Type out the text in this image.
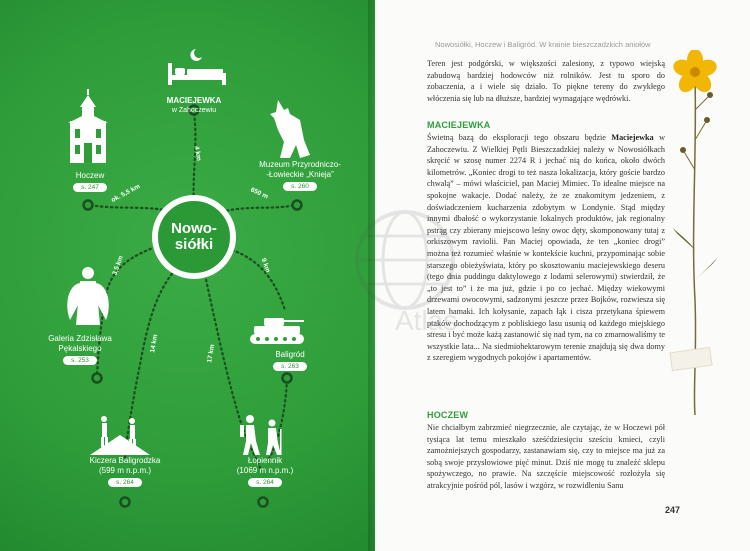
Nowo-
siółki
MACIEJEWKA
w Zahoczewiu
Hoczew
s. 247
Muzeum Przyrodniczo-
-Łowieckie „Knieja”
s. 260
Galeria Zdzisława
Pękalskiego
s. 253
Baligród
s. 263
Kiczera Baligrodzka
(599 m n.p.m.)
s. 264
Łopiennik
(1069 m n.p.m.)
s. 264
4 km
ok. 5,5 km	650 m
3,5 km	9 km
14 km
17 km
Atlas
Nowosiółki, Hoczew i Baligród. W krainie bieszczadzkich aniołów
Teren jest podgórski, w większości zalesiony, z typowo wiejską zabudową bardziej hodowców niż rolników. Jest tu sporo do zobaczenia, a i wiele się działo. To piękne tereny do zwykłego włóczenia się lub na dłuższe, bardziej wymagające wędrówki.
MACIEJEWKA
Świetną bazą do eksploracji tego obszaru będzie Maciejewka w Zahoczewiu. Z Wielkiej Pętli Bieszczadzkiej należy w Nowosiółkach skręcić w szosę numer 2274 R i jechać nią do końca, około dwóch kilometrów. „Koniec drogi to też nasza lokalizacja, który goście bardzo chwalą” – mówi właściciel, pan Maciej Mimiec. To idealne miejsce na spokojne wakacje. Dodać należy, że ze znakomitym jedzeniem, z doświadczeniem kucharzenia zdobytym w Londynie. Stąd między innymi dbałość o wykorzystanie lokalnych produktów, jak regionalny pstrąg czy zbierany miejscowo leśny owoc dęty, skomponowany tutaj z orkiszowym raviolii. Pan Maciej opowiada, że ten „koniec drogi” można też rozumieć właśnie w kontekście kuchni, przypominając sobie starszego obieżyświata, który po skosztowaniu maciejewskiego deseru (tego dnia puddingu daktylowego z lodami selerowymi) stwierdził, że „to jest to” i że ma już, gdzie i po co jechać. Między wiekowymi drzewami owocowymi, sadzonymi jeszcze przez Bojków, rozwiesza się latem hamaki. Ich kołysanie, zapach łąk i cisza przetykana śpiewem ptaków dochodzącym z pobliskiego lasu usunią od każdego miejskiego stresu i być może każą zastanowić się nad tym, na co zmarnowaliśmy te wszystkie lata... Na siedmiohektarowym terenie znajdują się dwa domy z szeregiem wygodnych pokojów i apartamentów.
HOCZEW
Nie chciałbym zabrzmieć niegrzecznie, ale czytając, że w Hoczewi pół tysiąca lat temu mieszkało sześćdziesięciu sześciu kmieci, czyli zamożniejszych gospodarzy, zastanawiam się, czy to miejsce ma już za sobą swoje przysłowiowe pięć minut. Dziś nie mogę tu znaleźć sklepu spożywczego, no prawie. Na szczęście miejscowość rozłożyła się atrakcyjnie pośród pól, lasów i wzgórz, w rozwidleniu Sanu
247
